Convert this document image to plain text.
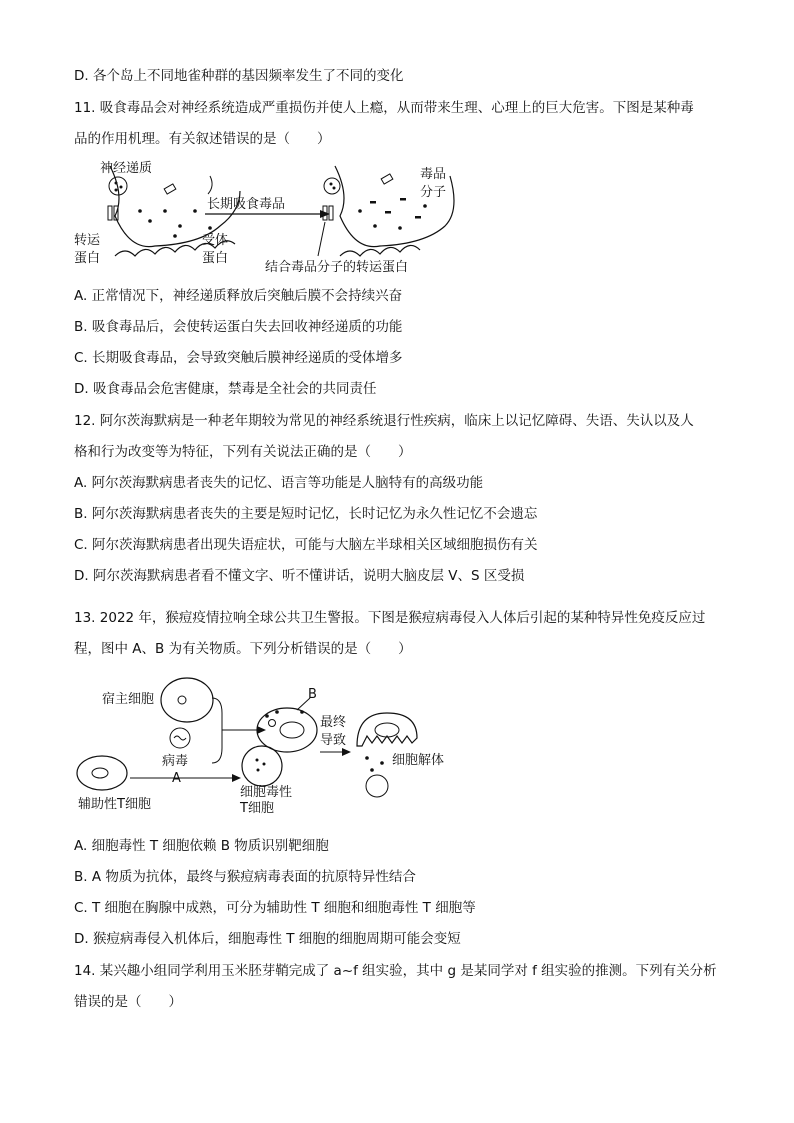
D. 各个岛上不同地雀种群的基因频率发生了不同的变化
11. 吸食毒品会对神经系统造成严重损伤并使人上瘾，从而带来生理、心理上的巨大危害。下图是某种毒
品的作用机理。有关叙述错误的是（　　）
神经递质
转运
蛋白
受体
蛋白
长期吸食毒品
毒品
分子
结合毒品分子的转运蛋白
A. 正常情况下，神经递质释放后突触后膜不会持续兴奋
B. 吸食毒品后，会使转运蛋白失去回收神经递质的功能
C. 长期吸食毒品，会导致突触后膜神经递质的受体增多
D. 吸食毒品会危害健康，禁毒是全社会的共同责任
12. 阿尔茨海默病是一种老年期较为常见的神经系统退行性疾病，临床上以记忆障碍、失语、失认以及人
格和行为改变等为特征，下列有关说法正确的是（　　）
A. 阿尔茨海默病患者丧失的记忆、语言等功能是人脑特有的高级功能
B. 阿尔茨海默病患者丧失的主要是短时记忆，长时记忆为永久性记忆不会遗忘
C. 阿尔茨海默病患者出现失语症状，可能与大脑左半球相关区域细胞损伤有关
D. 阿尔茨海默病患者看不懂文字、听不懂讲话，说明大脑皮层 V、S 区受损
13. 2022 年，猴痘疫情拉响全球公共卫生警报。下图是猴痘病毒侵入人体后引起的某种特异性免疫反应过
程，图中 A、B 为有关物质。下列分析错误的是（　　）
宿主细胞
病毒
辅助性T细胞
A
细胞毒性
T细胞
B
最终
导致
细胞解体
A. 细胞毒性 T 细胞依赖 B 物质识别靶细胞
B. A 物质为抗体，最终与猴痘病毒表面的抗原特异性结合
C. T 细胞在胸腺中成熟，可分为辅助性 T 细胞和细胞毒性 T 细胞等
D. 猴痘病毒侵入机体后，细胞毒性 T 细胞的细胞周期可能会变短
14. 某兴趣小组同学利用玉米胚芽鞘完成了 a~f 组实验，其中 g 是某同学对 f 组实验的推测。下列有关分析
错误的是（　　）
